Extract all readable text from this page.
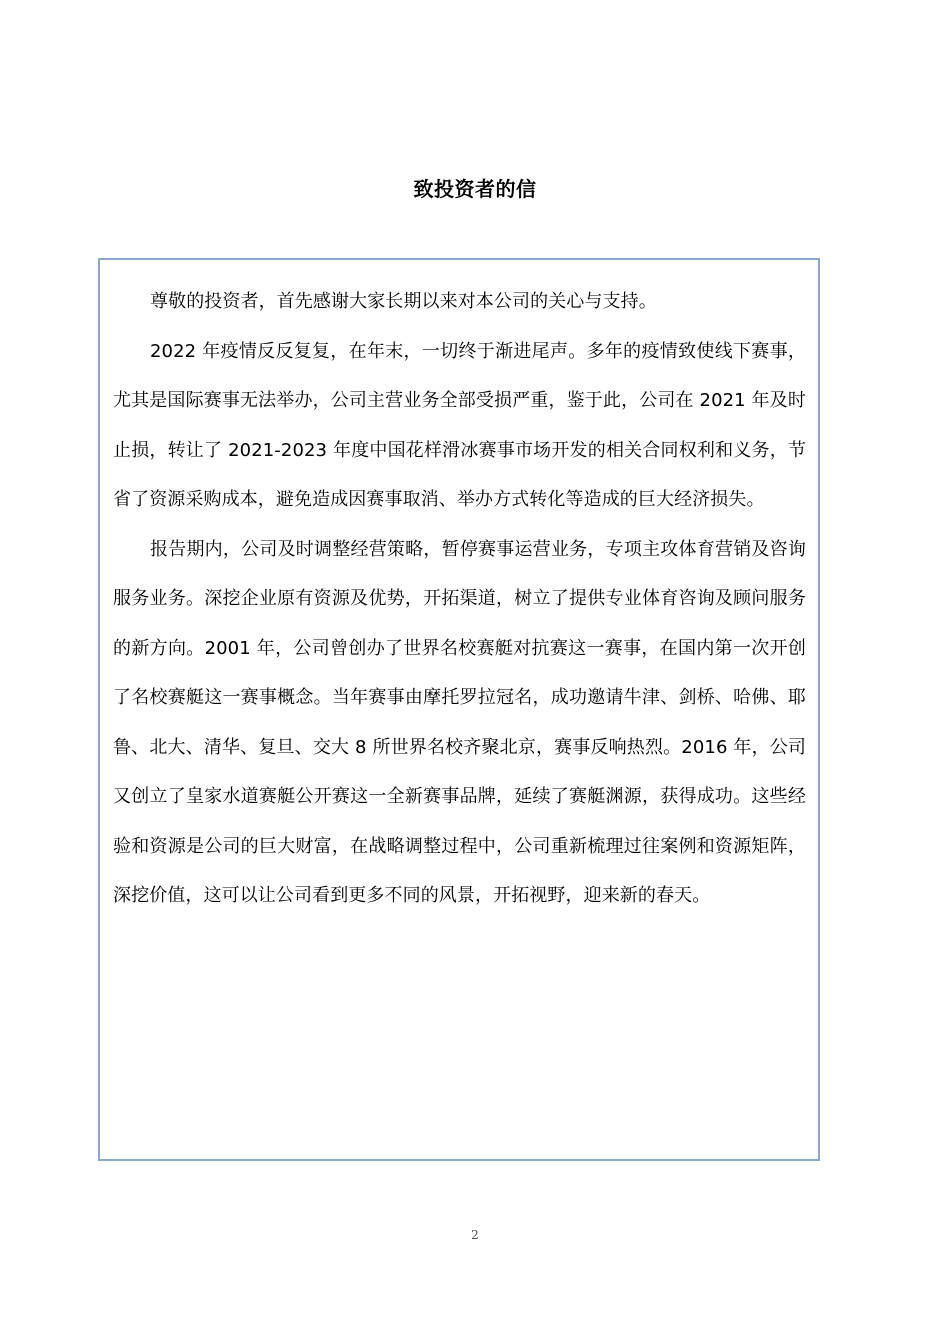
致投资者的信

尊敬的投资者，首先感谢大家长期以来对本公司的关心与支持。

2022 年疫情反反复复，在年末，一切终于渐进尾声。多年的疫情致使线下赛事，尤其是国际赛事无法举办，公司主营业务全部受损严重，鉴于此，公司在 2021 年及时止损，转让了 2021-2023 年度中国花样滑冰赛事市场开发的相关合同权利和义务，节省了资源采购成本，避免造成因赛事取消、举办方式转化等造成的巨大经济损失。

报告期内，公司及时调整经营策略，暂停赛事运营业务，专项主攻体育营销及咨询服务业务。深挖企业原有资源及优势，开拓渠道，树立了提供专业体育咨询及顾问服务的新方向。2001 年，公司曾创办了世界名校赛艇对抗赛这一赛事，在国内第一次开创了名校赛艇这一赛事概念。当年赛事由摩托罗拉冠名，成功邀请牛津、剑桥、哈佛、耶鲁、北大、清华、复旦、交大 8 所世界名校齐聚北京，赛事反响热烈。2016 年，公司又创立了皇家水道赛艇公开赛这一全新赛事品牌，延续了赛艇渊源，获得成功。这些经验和资源是公司的巨大财富，在战略调整过程中，公司重新梳理过往案例和资源矩阵，深挖价值，这可以让公司看到更多不同的风景，开拓视野，迎来新的春天。

2
